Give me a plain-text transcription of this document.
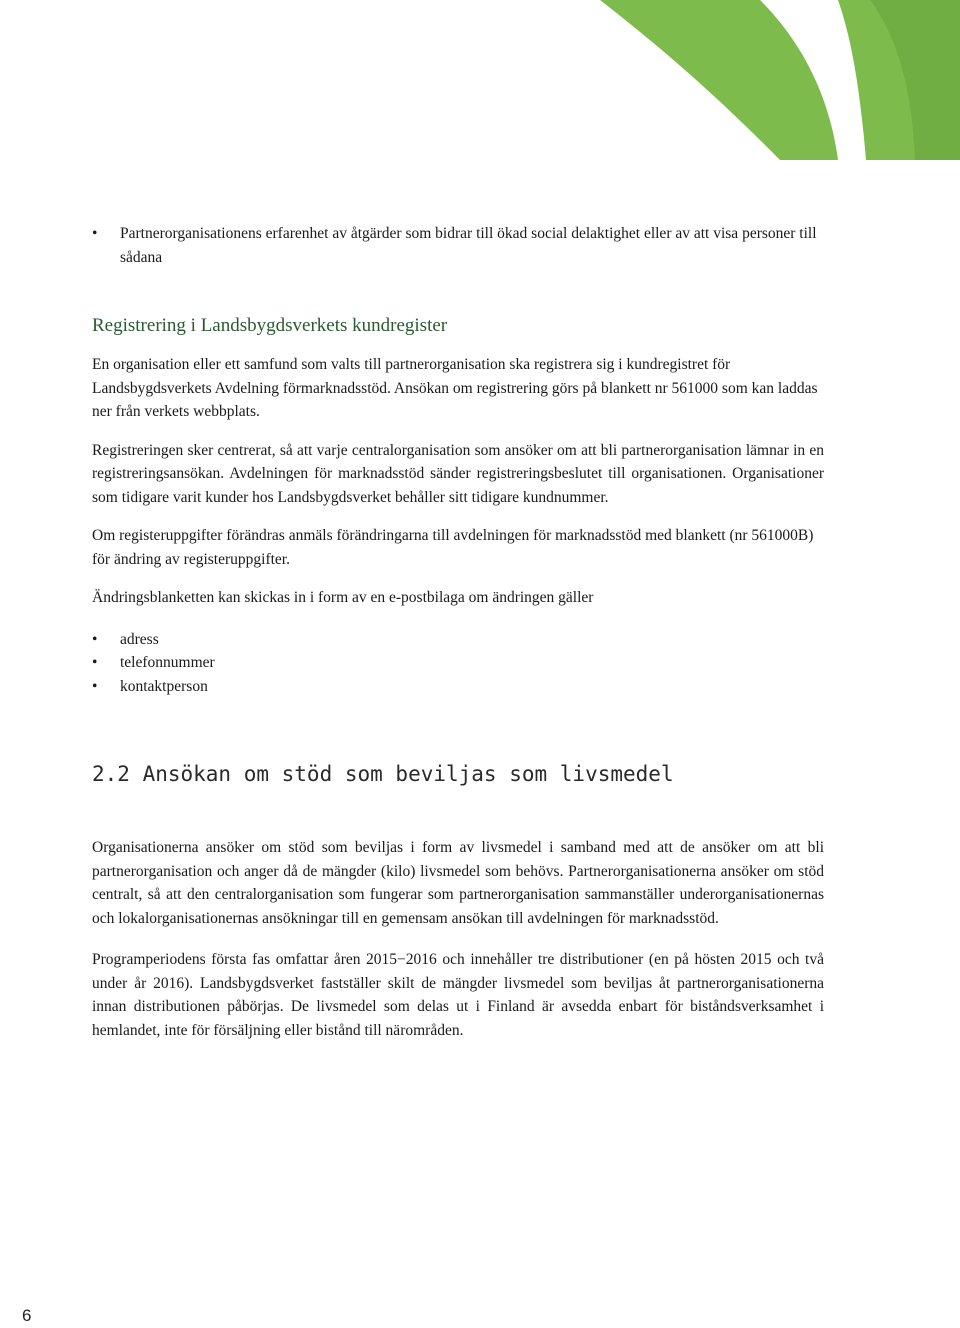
• Partnerorganisationens erfarenhet av åtgärder som bidrar till ökad social delaktighet eller av att visa personer till sådana
Registrering i Landsbygdsverkets kundregister

En organisation eller ett samfund som valts till partnerorganisation ska registrera sig i kundregistret för Landsbygdsverkets Avdelning förmarknadsstöd. Ansökan om registrering görs på blankett nr 561000 som kan laddas ner från verkets webbplats.

Registreringen sker centrerat, så att varje centralorganisation som ansöker om att bli partnerorganisation lämnar in en registreringsansökan. Avdelningen för marknadsstöd sänder registreringsbeslutet till organisationen. Organisationer som tidigare varit kunder hos Landsbygdsverket behåller sitt tidigare kundnummer.

Om registeruppgifter förändras anmäls förändringarna till avdelningen för marknadsstöd med blankett (nr 561000B) för ändring av registeruppgifter.

Ändringsblanketten kan skickas in i form av en e-postbilaga om ändringen gäller

• adress
• telefonnummer
• kontaktperson
2.2 Ansökan om stöd som beviljas som livsmedel

Organisationerna ansöker om stöd som beviljas i form av livsmedel i samband med att de ansöker om att bli partnerorganisation och anger då de mängder (kilo) livsmedel som behövs. Partnerorganisationerna ansöker om stöd centralt, så att den centralorganisation som fungerar som partnerorganisation sammanställer underorganisationernas och lokalorganisationernas ansökningar till en gemensam ansökan till avdelningen för marknadsstöd.

Programperiodens första fas omfattar åren 2015−2016 och innehåller tre distributioner (en på hösten 2015 och två under år 2016). Landsbygdsverket fastställer skilt de mängder livsmedel som beviljas åt partnerorganisationerna innan distributionen påbörjas. De livsmedel som delas ut i Finland är avsedda enbart för biståndsverksamhet i hemlandet, inte för försäljning eller bistånd till närområden.

6
